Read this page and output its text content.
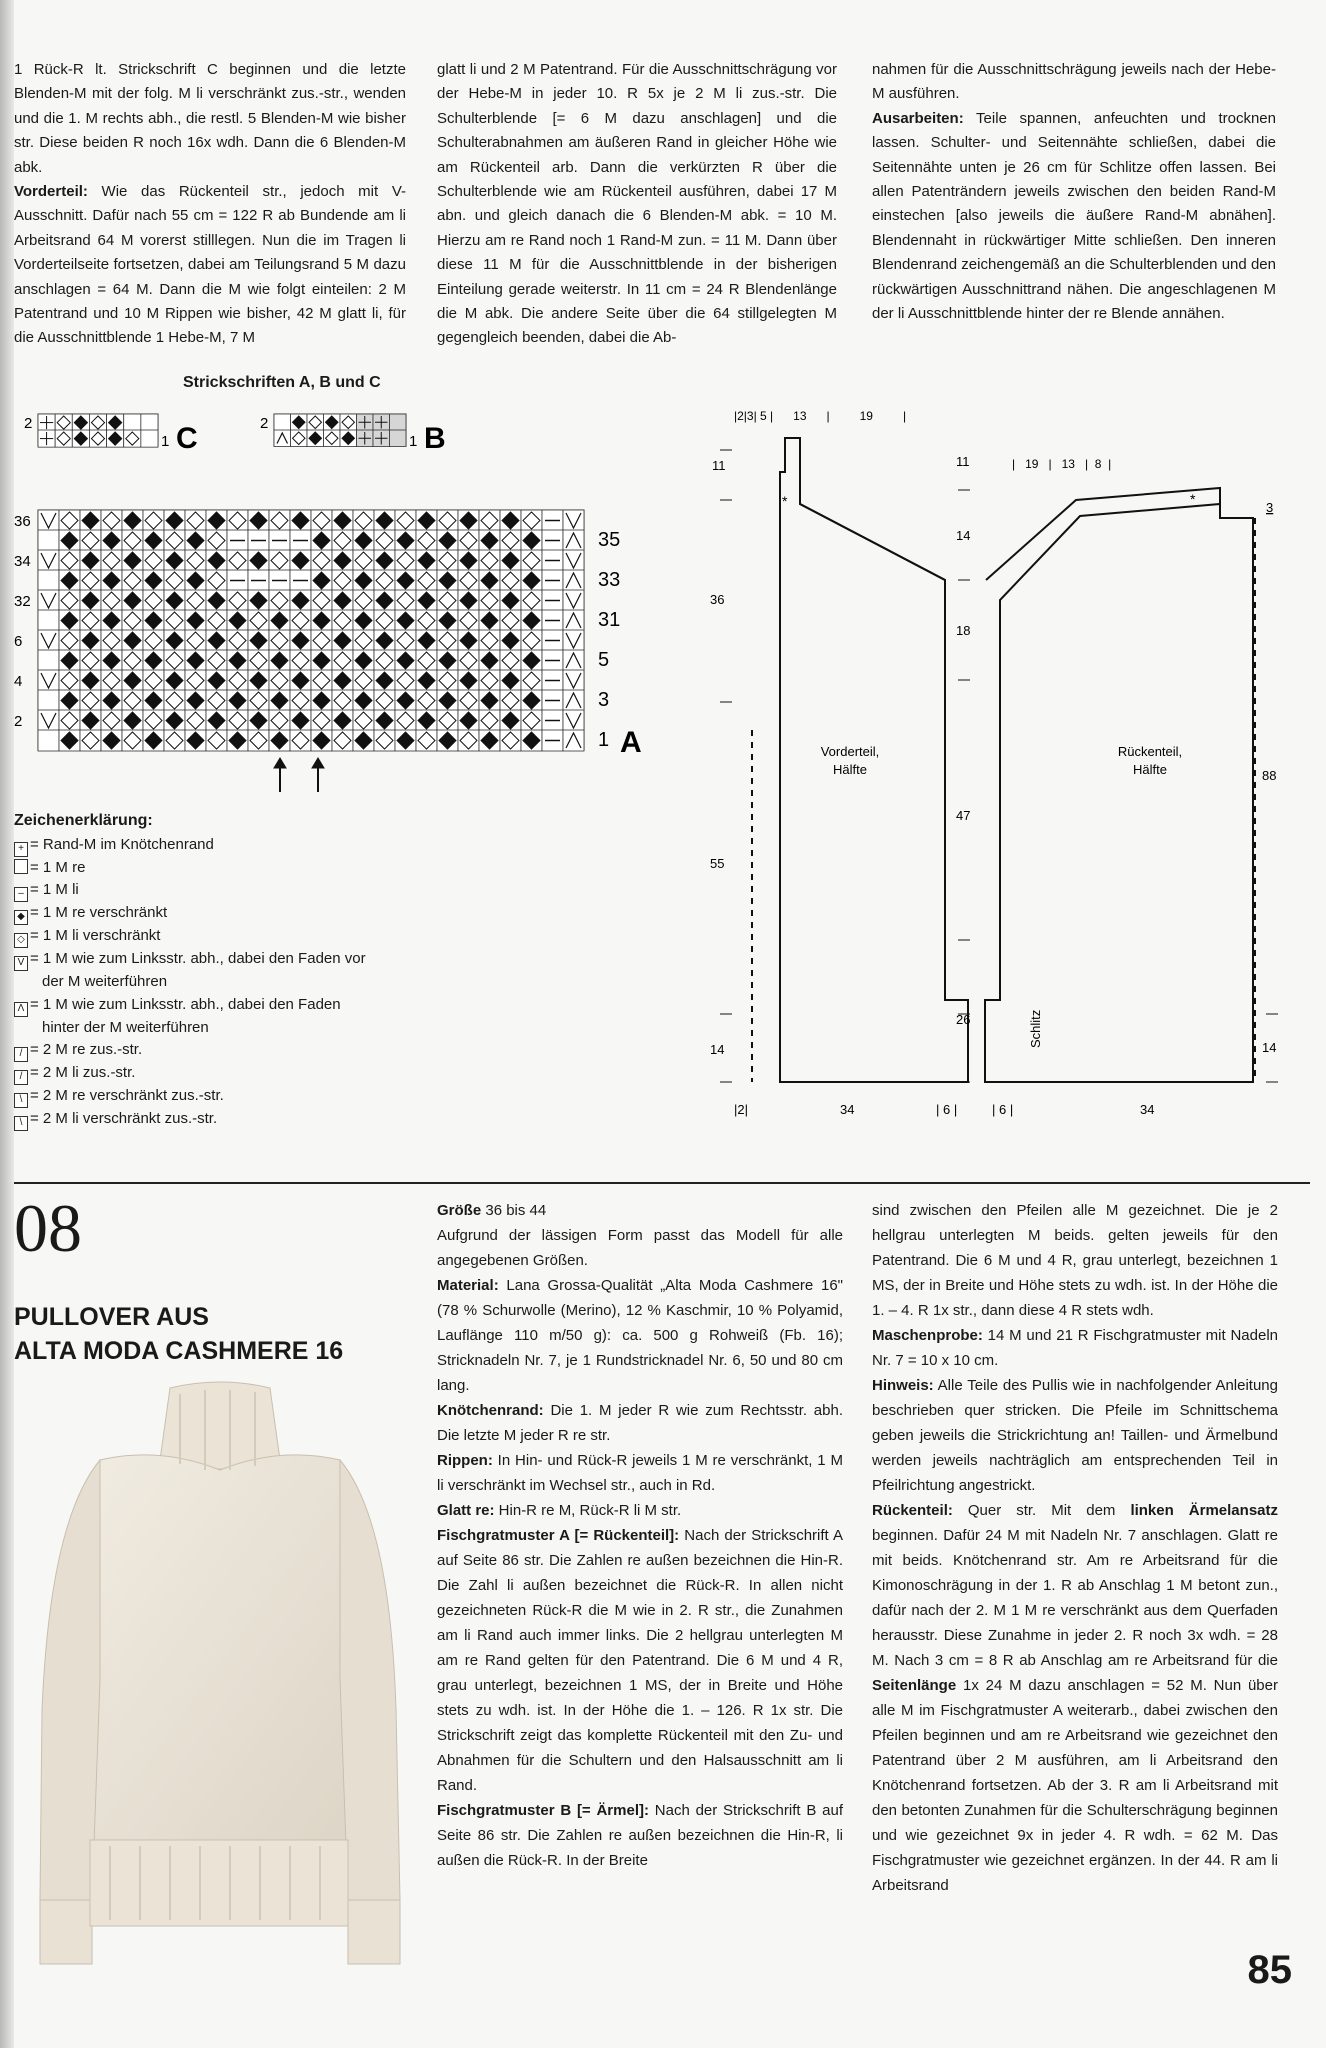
1 Rück-R lt. Strickschrift C beginnen und die letzte Blenden-M mit der folg. M li verschränkt zus.-str., wenden und die 1. M rechts abh., die restl. 5 Blenden-M wie bisher str. Diese beiden R noch 16x wdh. Dann die 6 Blenden-M abk.

Vorderteil: Wie das Rückenteil str., jedoch mit V-Ausschnitt. Dafür nach 55 cm = 122 R ab Bundende am li Arbeitsrand 64 M vorerst stilllegen. Nun die im Tragen li Vorderteilseite fortsetzen, dabei am Teilungsrand 5 M dazu anschlagen = 64 M. Dann die M wie folgt einteilen: 2 M Patentrand und 10 M Rippen wie bisher, 42 M glatt li, für die Ausschnittblende 1 Hebe-M, 7 M

glatt li und 2 M Patentrand. Für die Ausschnittschrägung vor der Hebe-M in jeder 10. R 5x je 2 M li zus.-str. Die Schulterblende [= 6 M dazu anschlagen] und die Schulterabnahmen am äußeren Rand in gleicher Höhe wie am Rückenteil arb. Dann die verkürzten R über die Schulterblende wie am Rückenteil ausführen, dabei 17 M abn. und gleich danach die 6 Blenden-M abk. = 10 M. Hierzu am re Rand noch 1 Rand-M zun. = 11 M. Dann über diese 11 M für die Ausschnittblende in der bisherigen Einteilung gerade weiterstr. In 11 cm = 24 R Blendenlänge die M abk. Die andere Seite über die 64 stillgelegten M gegengleich beenden, dabei die Ab-

nahmen für die Ausschnittschrägung jeweils nach der Hebe-M ausführen.

Ausarbeiten: Teile spannen, anfeuchten und trocknen lassen. Schulter- und Seitennähte schließen, dabei die Seitennähte unten je 26 cm für Schlitze offen lassen. Bei allen Patenträndern jeweils zwischen den beiden Rand-M einstechen [also jeweils die äußere Rand-M abnähen]. Blendennaht in rückwärtiger Mitte schließen. Den inneren Blendenrand zeichengemäß an die Schulterblenden und den rückwärtigen Ausschnittrand nähen. Die angeschlagenen M der li Ausschnittblende hinter der re Blende annähen.

Strickschriften A, B und C
2
1 C	2
1 B
36
34
32
6
4
2
35
33
31
5
3
1 A
Zeichenerklärung:
+ = Rand-M im Knötchenrand
= 1 M re
– = 1 M li
◆ = 1 M re verschränkt
◇ = 1 M li verschränkt
V = 1 M wie zum Linksstr. abh., dabei den Faden vor
der M weiterführen
Λ = 1 M wie zum Linksstr. abh., dabei den Faden
hinter der M weiterführen
/ = 2 M re zus.-str.
/ = 2 M li zus.-str.
\ = 2 M re verschränkt zus.-str.
\ = 2 M li verschränkt zus.-str.
|2|3| 5 |      13      |         19         |
*
Vorderteil,
Hälfte
11
36
55
14
|2|	34	| 6 |
|   19   |   13   |  8  |
*
Rückenteil,
Hälfte
Schlitz
11
14
18
47
26
3
88
14
| 6 |	34
08
PULLOVER AUS
ALTA MODA CASHMERE 16

Größe 36 bis 44

Aufgrund der lässigen Form passt das Modell für alle angegebenen Größen.

Material: Lana Grossa-Qualität „Alta Moda Cashmere 16" (78 % Schurwolle (Merino), 12 % Kaschmir, 10 % Polyamid, Lauflänge 110 m/50 g): ca. 500 g Rohweiß (Fb. 16); Stricknadeln Nr. 7, je 1 Rundstricknadel Nr. 6, 50 und 80 cm lang.

Knötchenrand: Die 1. M jeder R wie zum Rechtsstr. abh. Die letzte M jeder R re str.

Rippen: In Hin- und Rück-R jeweils 1 M re verschränkt, 1 M li verschränkt im Wechsel str., auch in Rd.

Glatt re: Hin-R re M, Rück-R li M str.

Fischgratmuster A [= Rückenteil]: Nach der Strickschrift A auf Seite 86 str. Die Zahlen re außen bezeichnen die Hin-R. Die Zahl li außen bezeichnet die Rück-R. In allen nicht gezeichneten Rück-R die M wie in 2. R str., die Zunahmen am li Rand auch immer links. Die 2 hellgrau unterlegten M am re Rand gelten für den Patentrand. Die 6 M und 4 R, grau unterlegt, bezeichnen 1 MS, der in Breite und Höhe stets zu wdh. ist. In der Höhe die 1. – 126. R 1x str. Die Strickschrift zeigt das komplette Rückenteil mit den Zu- und Abnahmen für die Schultern und den Halsausschnitt am li Rand.

Fischgratmuster B [= Ärmel]: Nach der Strickschrift B auf Seite 86 str. Die Zahlen re außen bezeichnen die Hin-R, li außen die Rück-R. In der Breite

sind zwischen den Pfeilen alle M gezeichnet. Die je 2 hellgrau unterlegten M beids. gelten jeweils für den Patentrand. Die 6 M und 4 R, grau unterlegt, bezeichnen 1 MS, der in Breite und Höhe stets zu wdh. ist. In der Höhe die 1. – 4. R 1x str., dann diese 4 R stets wdh.

Maschenprobe: 14 M und 21 R Fischgratmuster mit Nadeln Nr. 7 = 10 x 10 cm.

Hinweis: Alle Teile des Pullis wie in nachfolgender Anleitung beschrieben quer stricken. Die Pfeile im Schnittschema geben jeweils die Strickrichtung an! Taillen- und Ärmelbund werden jeweils nachträglich am entsprechenden Teil in Pfeilrichtung angestrickt.

Rückenteil: Quer str. Mit dem linken Ärmelansatz beginnen. Dafür 24 M mit Nadeln Nr. 7 anschlagen. Glatt re mit beids. Knötchenrand str. Am re Arbeitsrand für die Kimonoschrägung in der 1. R ab Anschlag 1 M betont zun., dafür nach der 2. M 1 M re verschränkt aus dem Querfaden herausstr. Diese Zunahme in jeder 2. R noch 3x wdh. = 28 M. Nach 3 cm = 8 R ab Anschlag am re Arbeitsrand für die Seitenlänge 1x 24 M dazu anschlagen = 52 M. Nun über alle M im Fischgratmuster A weiterarb., dabei zwischen den Pfeilen beginnen und am re Arbeitsrand wie gezeichnet den Patentrand über 2 M ausführen, am li Arbeitsrand den Knötchenrand fortsetzen. Ab der 3. R am li Arbeitsrand mit den betonten Zunahmen für die Schulterschrägung beginnen und wie gezeichnet 9x in jeder 4. R wdh. = 62 M. Das Fischgratmuster wie gezeichnet ergänzen. In der 44. R am li Arbeitsrand

85
